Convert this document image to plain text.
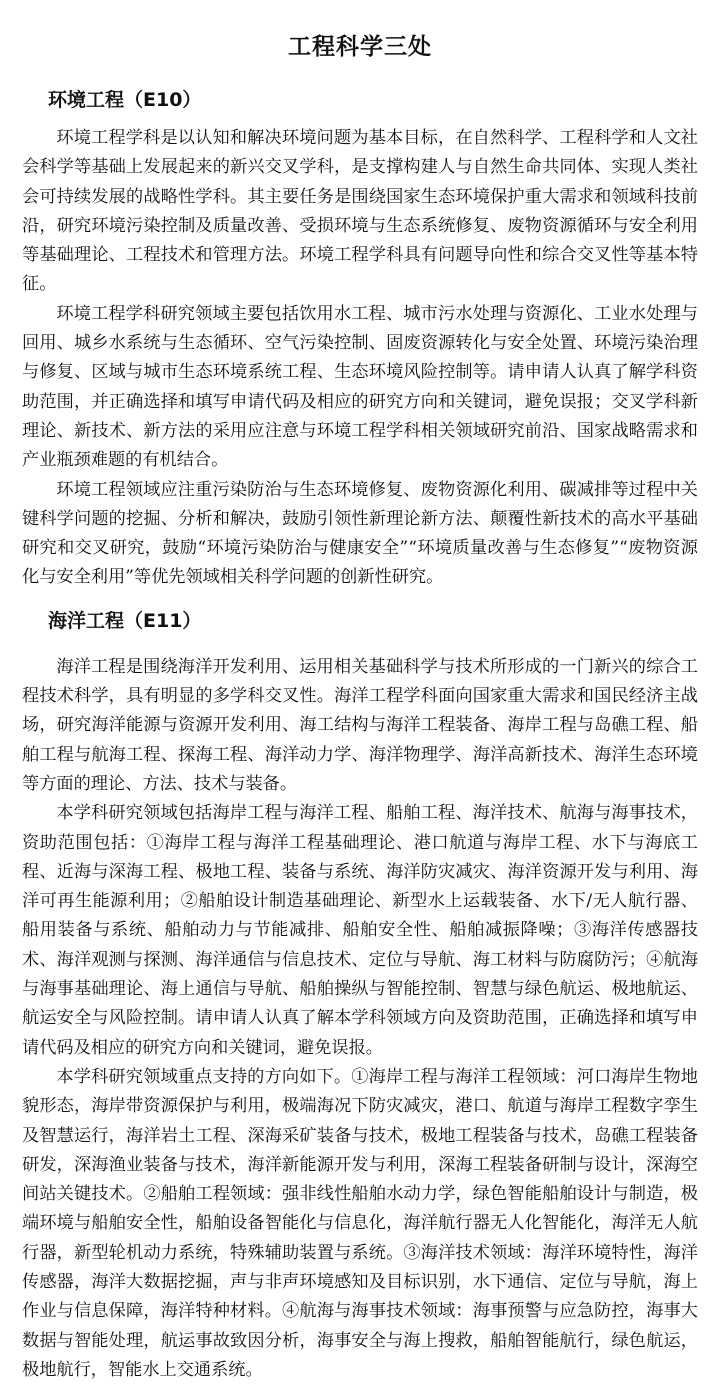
工程科学三处
环境工程（E10）

环境工程学科是以认知和解决环境问题为基本目标，在自然科学、工程科学和人文社会科学等基础上发展起来的新兴交叉学科，是支撑构建人与自然生命共同体、实现人类社会可持续发展的战略性学科。其主要任务是围绕国家生态环境保护重大需求和领域科技前沿，研究环境污染控制及质量改善、受损环境与生态系统修复、废物资源循环与安全利用等基础理论、工程技术和管理方法。环境工程学科具有问题导向性和综合交叉性等基本特征。

环境工程学科研究领域主要包括饮用水工程、城市污水处理与资源化、工业水处理与回用、城乡水系统与生态循环、空气污染控制、固废资源转化与安全处置、环境污染治理与修复、区域与城市生态环境系统工程、生态环境风险控制等。请申请人认真了解学科资助范围，并正确选择和填写申请代码及相应的研究方向和关键词，避免误报；交叉学科新理论、新技术、新方法的采用应注意与环境工程学科相关领域研究前沿、国家战略需求和产业瓶颈难题的有机结合。

环境工程领域应注重污染防治与生态环境修复、废物资源化利用、碳减排等过程中关键科学问题的挖掘、分析和解决，鼓励引领性新理论新方法、颠覆性新技术的高水平基础研究和交叉研究，鼓励“环境污染防治与健康安全”“环境质量改善与生态修复”“废物资源化与安全利用”等优先领域相关科学问题的创新性研究。

海洋工程（E11）

海洋工程是围绕海洋开发利用、运用相关基础科学与技术所形成的一门新兴的综合工程技术科学，具有明显的多学科交叉性。海洋工程学科面向国家重大需求和国民经济主战场，研究海洋能源与资源开发利用、海工结构与海洋工程装备、海岸工程与岛礁工程、船舶工程与航海工程、探海工程、海洋动力学、海洋物理学、海洋高新技术、海洋生态环境等方面的理论、方法、技术与装备。

本学科研究领域包括海岸工程与海洋工程、船舶工程、海洋技术、航海与海事技术，资助范围包括：①海岸工程与海洋工程基础理论、港口航道与海岸工程、水下与海底工程、近海与深海工程、极地工程、装备与系统、海洋防灾减灾、海洋资源开发与利用、海洋可再生能源利用；②船舶设计制造基础理论、新型水上运载装备、水下/无人航行器、船用装备与系统、船舶动力与节能减排、船舶安全性、船舶减振降噪；③海洋传感器技术、海洋观测与探测、海洋通信与信息技术、定位与导航、海工材料与防腐防污；④航海与海事基础理论、海上通信与导航、船舶操纵与智能控制、智慧与绿色航运、极地航运、航运安全与风险控制。请申请人认真了解本学科领域方向及资助范围，正确选择和填写申请代码及相应的研究方向和关键词，避免误报。

本学科研究领域重点支持的方向如下。①海岸工程与海洋工程领域：河口海岸生物地貌形态，海岸带资源保护与利用，极端海况下防灾减灾，港口、航道与海岸工程数字孪生及智慧运行，海洋岩土工程、深海采矿装备与技术，极地工程装备与技术，岛礁工程装备研发，深海渔业装备与技术，海洋新能源开发与利用，深海工程装备研制与设计，深海空间站关键技术。②船舶工程领域：强非线性船舶水动力学，绿色智能船舶设计与制造，极端环境与船舶安全性，船舶设备智能化与信息化，海洋航行器无人化智能化，海洋无人航行器，新型轮机动力系统，特殊辅助装置与系统。③海洋技术领域：海洋环境特性，海洋传感器，海洋大数据挖掘，声与非声环境感知及目标识别，水下通信、定位与导航，海上作业与信息保障，海洋特种材料。④航海与海事技术领域：海事预警与应急防控，海事大数据与智能处理，航运事故致因分析，海事安全与海上搜救，船舶智能航行，绿色航运，极地航行，智能水上交通系统。
